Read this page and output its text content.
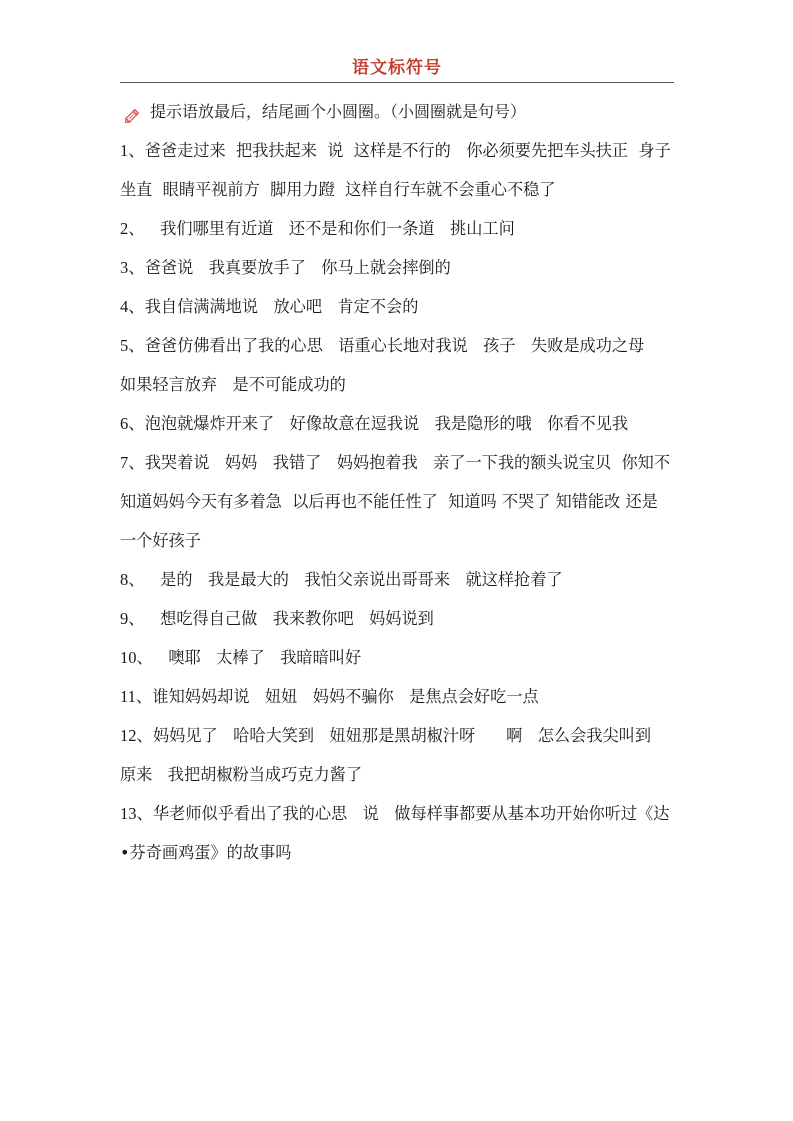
语文标符号
提示语放最后，结尾画个小圆圈。（小圆圈就是句号）

1、爸爸走过来  把我扶起来  说  这样是不行的   你必须要先把车头扶正  身子坐直  眼睛平视前方  脚用力蹬  这样自行车就不会重心不稳了

2、   我们哪里有近道   还不是和你们一条道   挑山工问

3、爸爸说   我真要放手了   你马上就会摔倒的

4、我自信满满地说   放心吧   肯定不会的

5、爸爸仿佛看出了我的心思   语重心长地对我说   孩子   失败是成功之母   如果轻言放弃   是不可能成功的

6、泡泡就爆炸开来了   好像故意在逗我说   我是隐形的哦   你看不见我

7、我哭着说   妈妈   我错了   妈妈抱着我   亲了一下我的额头说宝贝  你知不知道妈妈今天有多着急  以后再也不能任性了  知道吗 不哭了 知错能改 还是一个好孩子

8、   是的   我是最大的   我怕父亲说出哥哥来   就这样抢着了

9、   想吃得自己做   我来教你吧   妈妈说到

10、   噢耶   太棒了   我暗暗叫好

11、谁知妈妈却说   妞妞   妈妈不骗你   是焦点会好吃一点

12、妈妈见了   哈哈大笑到   妞妞那是黑胡椒汁呀      啊   怎么会我尖叫到  原来   我把胡椒粉当成巧克力酱了

13、华老师似乎看出了我的心思   说   做每样事都要从基本功开始你听过《达•芬奇画鸡蛋》的故事吗
